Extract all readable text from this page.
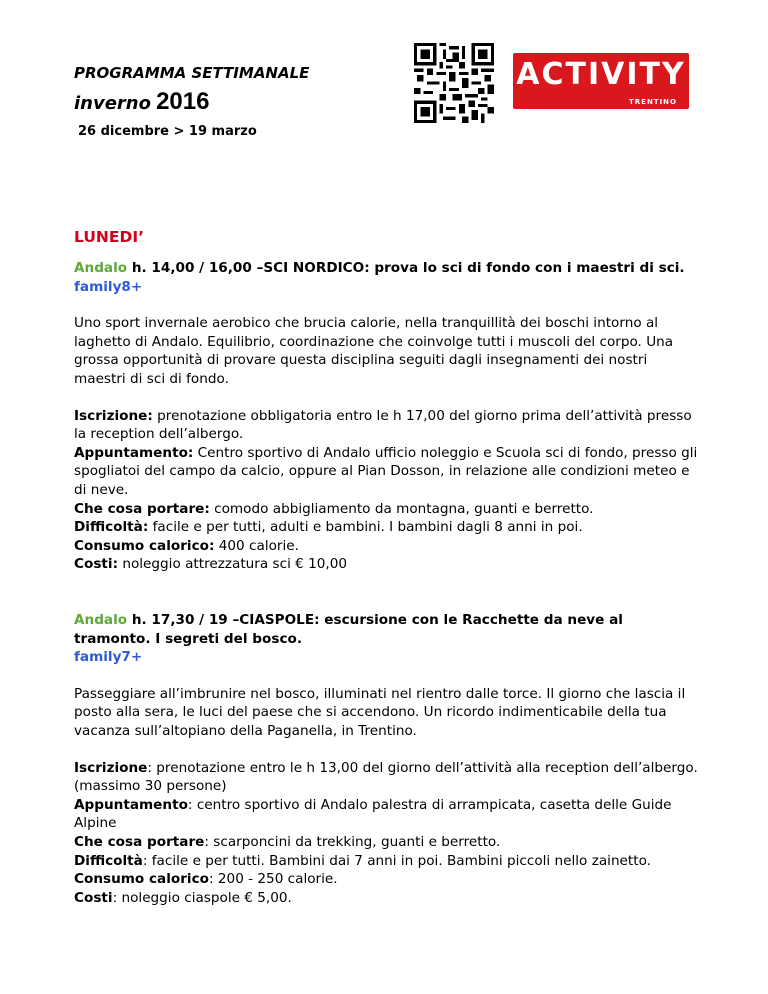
PROGRAMMA SETTIMANALE

inverno 2016
26 dicembre > 19 marzo
ACTIVITY
TRENTINO
LUNEDI’

Andalo h. 14,00 / 16,00 –SCI NORDICO: prova lo sci di fondo con i maestri di sci.

family8+

Uno sport invernale aerobico che brucia calorie, nella tranquillità dei boschi intorno al laghetto di Andalo. Equilibrio, coordinazione che coinvolge tutti i muscoli del corpo. Una grossa opportunità di provare questa disciplina seguiti dagli insegnamenti dei nostri maestri di sci di fondo.

Iscrizione: prenotazione obbligatoria entro le h 17,00 del giorno prima dell’attività presso la reception dell’albergo.

Appuntamento: Centro sportivo di Andalo ufficio noleggio e Scuola sci di fondo, presso gli spogliatoi del campo da calcio, oppure al Pian Dosson, in relazione alle condizioni meteo e di neve.

Che cosa portare: comodo abbigliamento da montagna, guanti e berretto.

Difficoltà: facile e per tutti, adulti e bambini. I bambini dagli 8 anni in poi.

Consumo calorico: 400 calorie.

Costi: noleggio attrezzatura sci € 10,00

Andalo h. 17,30 / 19 –CIASPOLE: escursione con le Racchette da neve al tramonto. I segreti del bosco.

family7+

Passeggiare all’imbrunire nel bosco, illuminati nel rientro dalle torce. Il giorno che lascia il posto alla sera, le luci del paese che si accendono. Un ricordo indimenticabile della tua vacanza sull’altopiano della Paganella, in Trentino.

Iscrizione: prenotazione entro le h 13,00 del giorno dell’attività alla reception dell’albergo. (massimo 30 persone)

Appuntamento: centro sportivo di Andalo palestra di arrampicata, casetta delle Guide Alpine

Che cosa portare: scarponcini da trekking, guanti e berretto.

Difficoltà: facile e per tutti. Bambini dai 7 anni in poi. Bambini piccoli nello zainetto.

Consumo calorico: 200 - 250 calorie.

Costi: noleggio ciaspole € 5,00.
